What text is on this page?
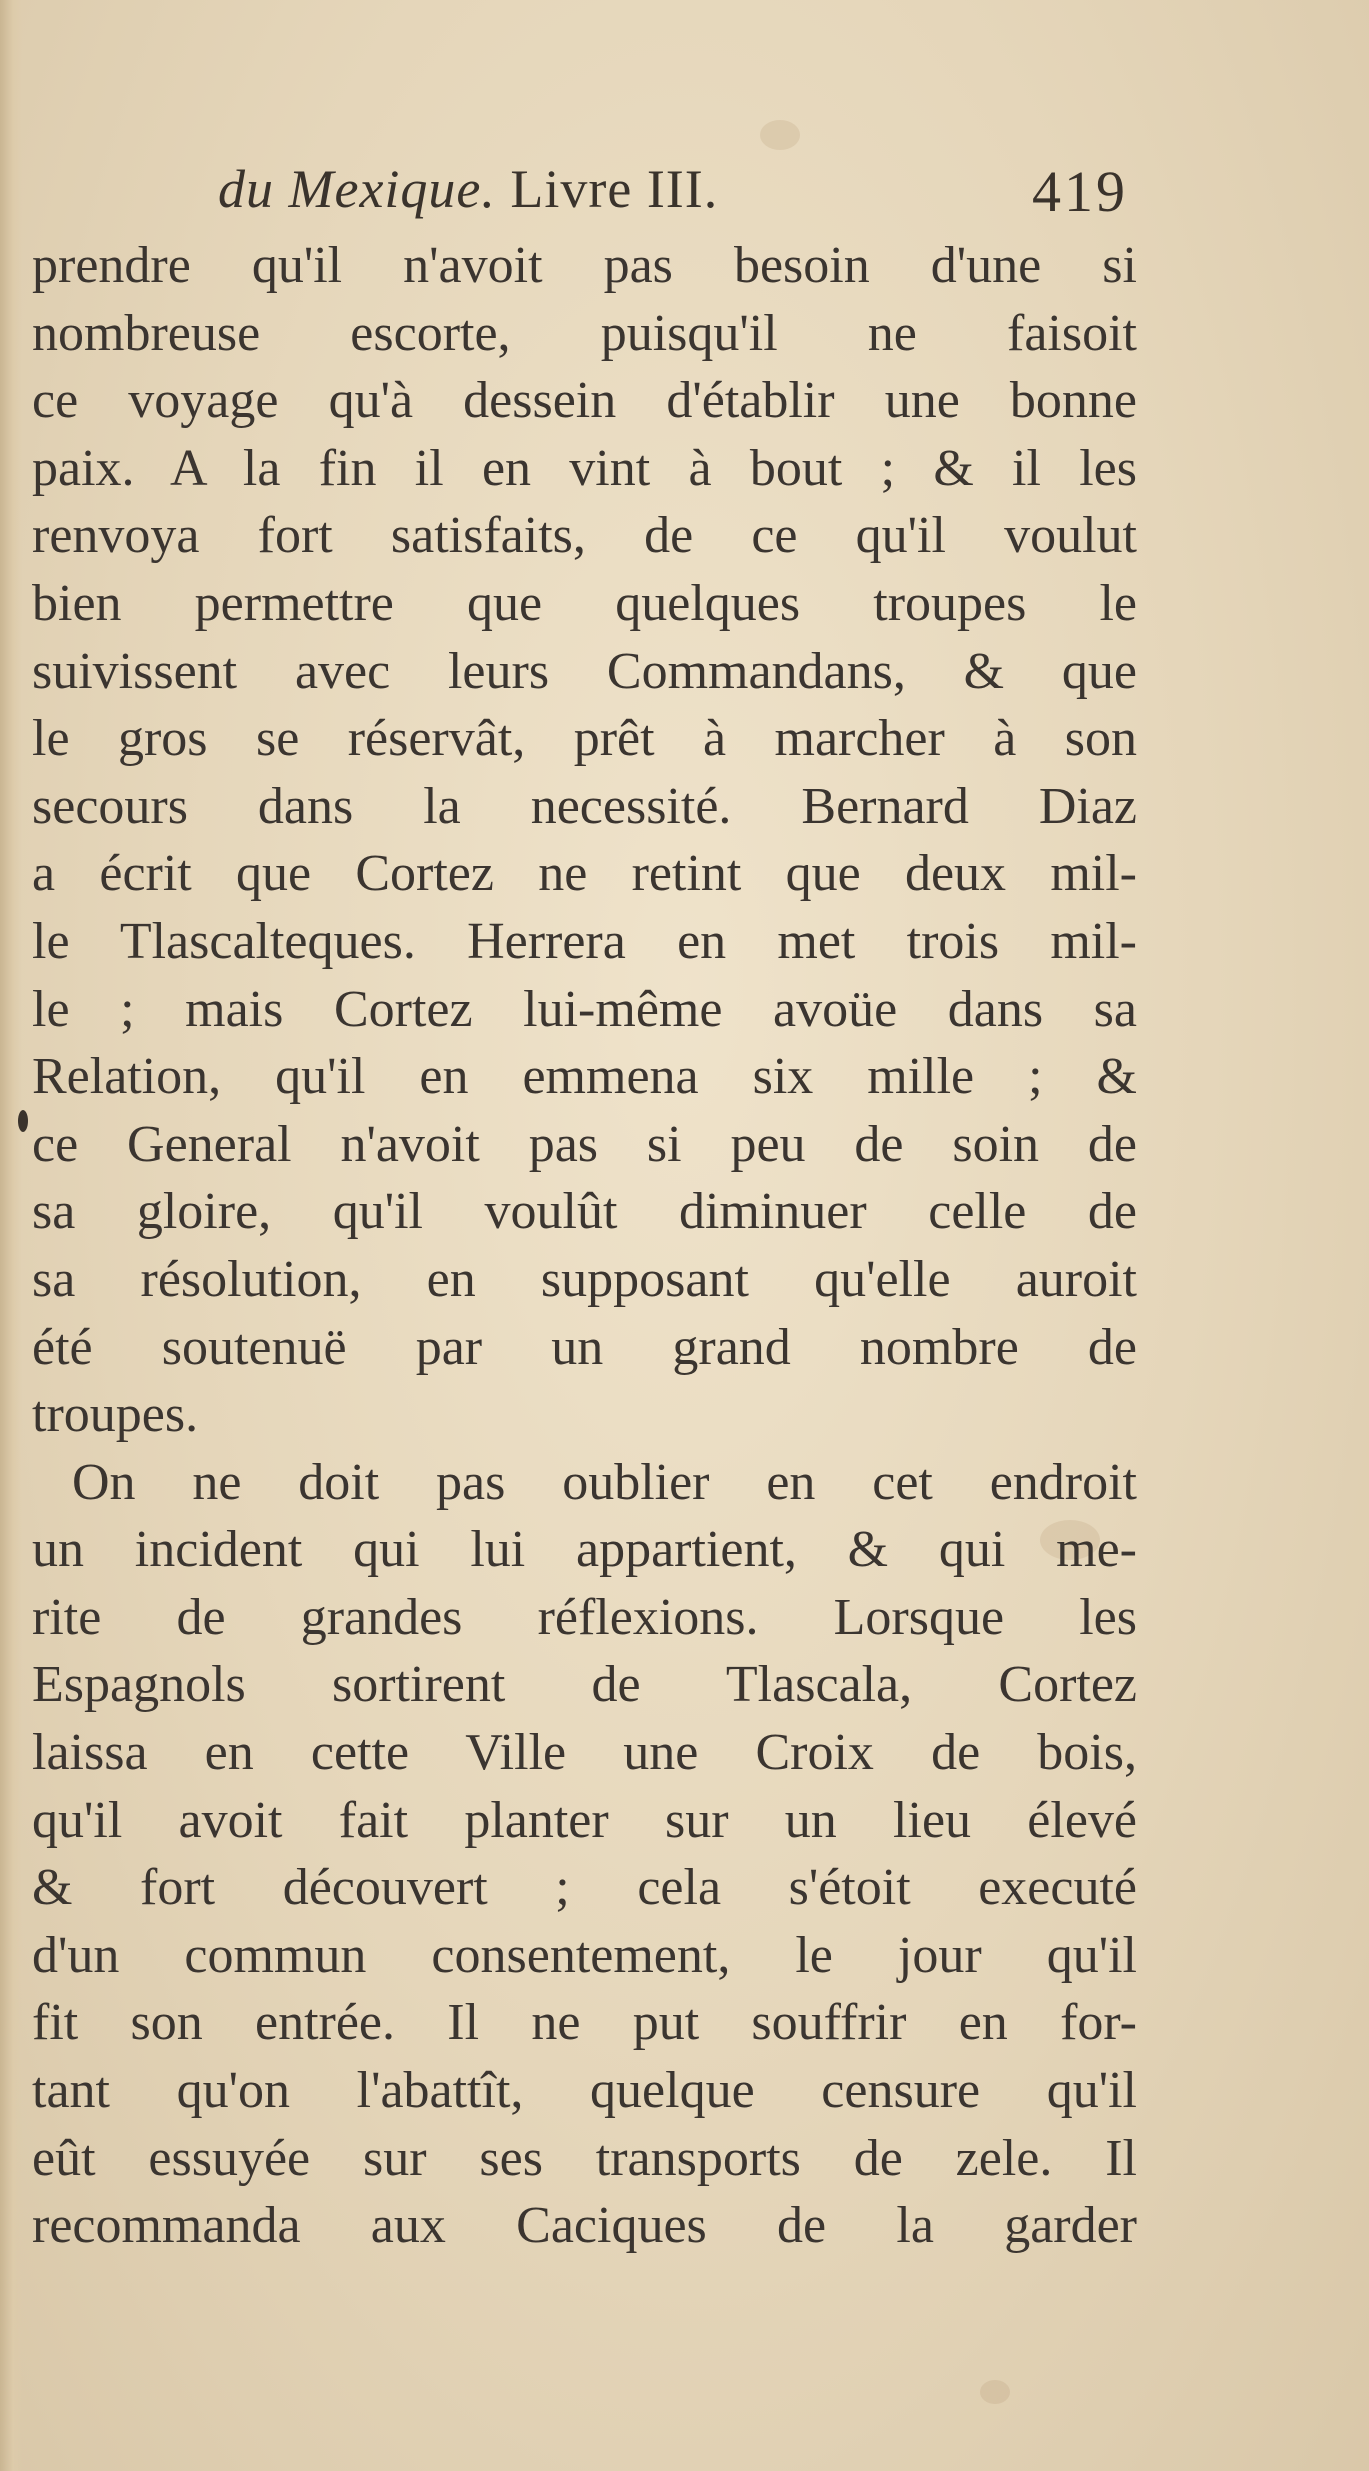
du Mexique. Livre III.	419
prendre qu'il n'avoit pas besoin d'une si
nombreuse escorte, puisqu'il ne faisoit
ce voyage qu'à dessein d'établir une bonne
paix. A la fin il en vint à bout ; & il les
renvoya fort satisfaits, de ce qu'il voulut
bien permettre que quelques troupes le
suivissent avec leurs Commandans, & que
le gros se réservât, prêt à marcher à son
secours dans la necessité. Bernard Diaz
a écrit que Cortez ne retint que deux mil-
le Tlascalteques. Herrera en met trois mil-
le ; mais Cortez lui-même avoüe dans sa
Relation, qu'il en emmena six mille ; &
ce General n'avoit pas si peu de soin de
sa gloire, qu'il voulût diminuer celle de
sa résolution, en supposant qu'elle auroit
été soutenuë par un grand nombre de
troupes.
On ne doit pas oublier en cet endroit
un incident qui lui appartient, & qui me-
rite de grandes réflexions. Lorsque les
Espagnols sortirent de Tlascala, Cortez
laissa en cette Ville une Croix de bois,
qu'il avoit fait planter sur un lieu élevé
& fort découvert ; cela s'étoit executé
d'un commun consentement, le jour qu'il
fit son entrée. Il ne put souffrir en for-
tant qu'on l'abattît, quelque censure qu'il
eût essuyée sur ses transports de zele. Il
recommanda aux Caciques de la garder
